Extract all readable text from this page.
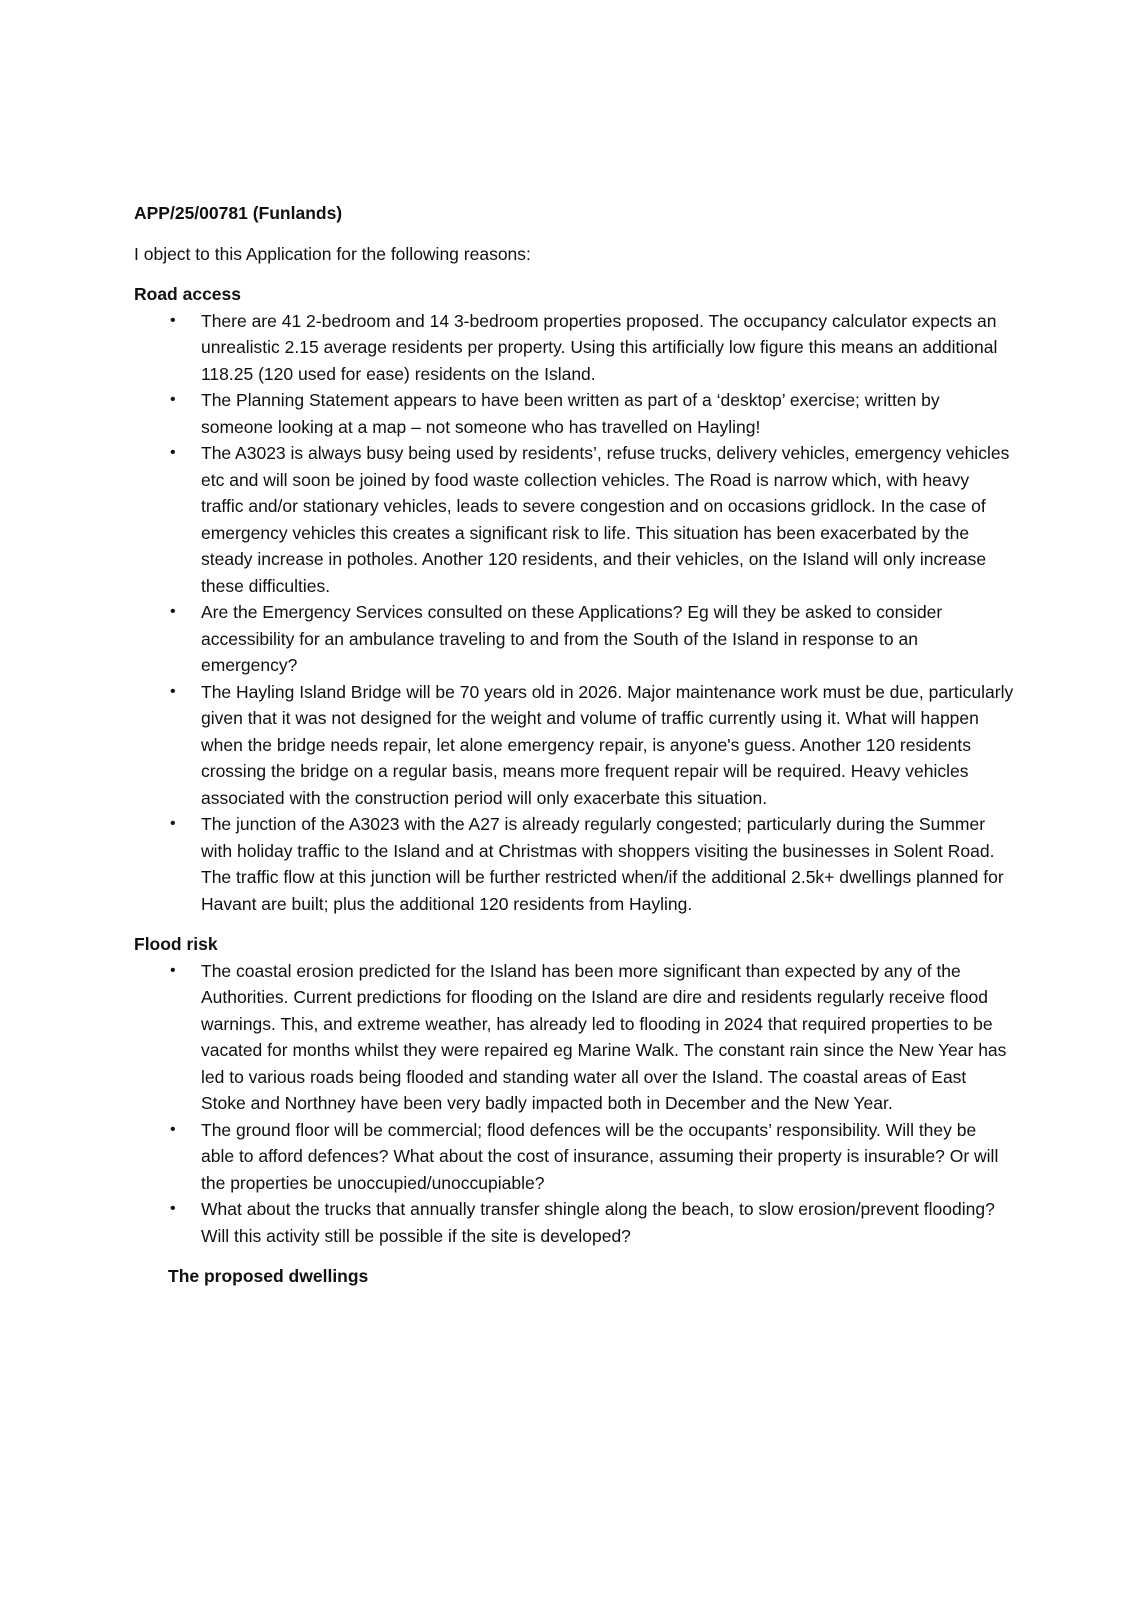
APP/25/00781 (Funlands)

I object to this Application for the following reasons:

Road access

• There are 41 2-bedroom and 14 3-bedroom properties proposed. The occupancy calculator expects an unrealistic 2.15 average residents per property. Using this artificially low figure this means an additional 118.25 (120 used for ease) residents on the Island.
• The Planning Statement appears to have been written as part of a ‘desktop’ exercise; written by someone looking at a map – not someone who has travelled on Hayling!
• The A3023 is always busy being used by residents’, refuse trucks, delivery vehicles, emergency vehicles etc and will soon be joined by food waste collection vehicles. The Road is narrow which, with heavy traffic and/or stationary vehicles, leads to severe congestion and on occasions gridlock. In the case of emergency vehicles this creates a significant risk to life. This situation has been exacerbated by the steady increase in potholes. Another 120 residents, and their vehicles, on the Island will only increase these difficulties.
• Are the Emergency Services consulted on these Applications? Eg will they be asked to consider accessibility for an ambulance traveling to and from the South of the Island in response to an emergency?
• The Hayling Island Bridge will be 70 years old in 2026. Major maintenance work must be due, particularly given that it was not designed for the weight and volume of traffic currently using it. What will happen when the bridge needs repair, let alone emergency repair, is anyone's guess. Another 120 residents crossing the bridge on a regular basis, means more frequent repair will be required. Heavy vehicles associated with the construction period will only exacerbate this situation.
• The junction of the A3023 with the A27 is already regularly congested; particularly during the Summer with holiday traffic to the Island and at Christmas with shoppers visiting the businesses in Solent Road. The traffic flow at this junction will be further restricted when/if the additional 2.5k+ dwellings planned for Havant are built; plus the additional 120 residents from Hayling.

Flood risk

• The coastal erosion predicted for the Island has been more significant than expected by any of the Authorities. Current predictions for flooding on the Island are dire and residents regularly receive flood warnings. This, and extreme weather, has already led to flooding in 2024 that required properties to be vacated for months whilst they were repaired eg Marine Walk. The constant rain since the New Year has led to various roads being flooded and standing water all over the Island. The coastal areas of East Stoke and Northney have been very badly impacted both in December and the New Year.
• The ground floor will be commercial; flood defences will be the occupants’ responsibility. Will they be able to afford defences? What about the cost of insurance, assuming their property is insurable? Or will the properties be unoccupied/unoccupiable?
• What about the trucks that annually transfer shingle along the beach, to slow erosion/prevent flooding? Will this activity still be possible if the site is developed?

The proposed dwellings
